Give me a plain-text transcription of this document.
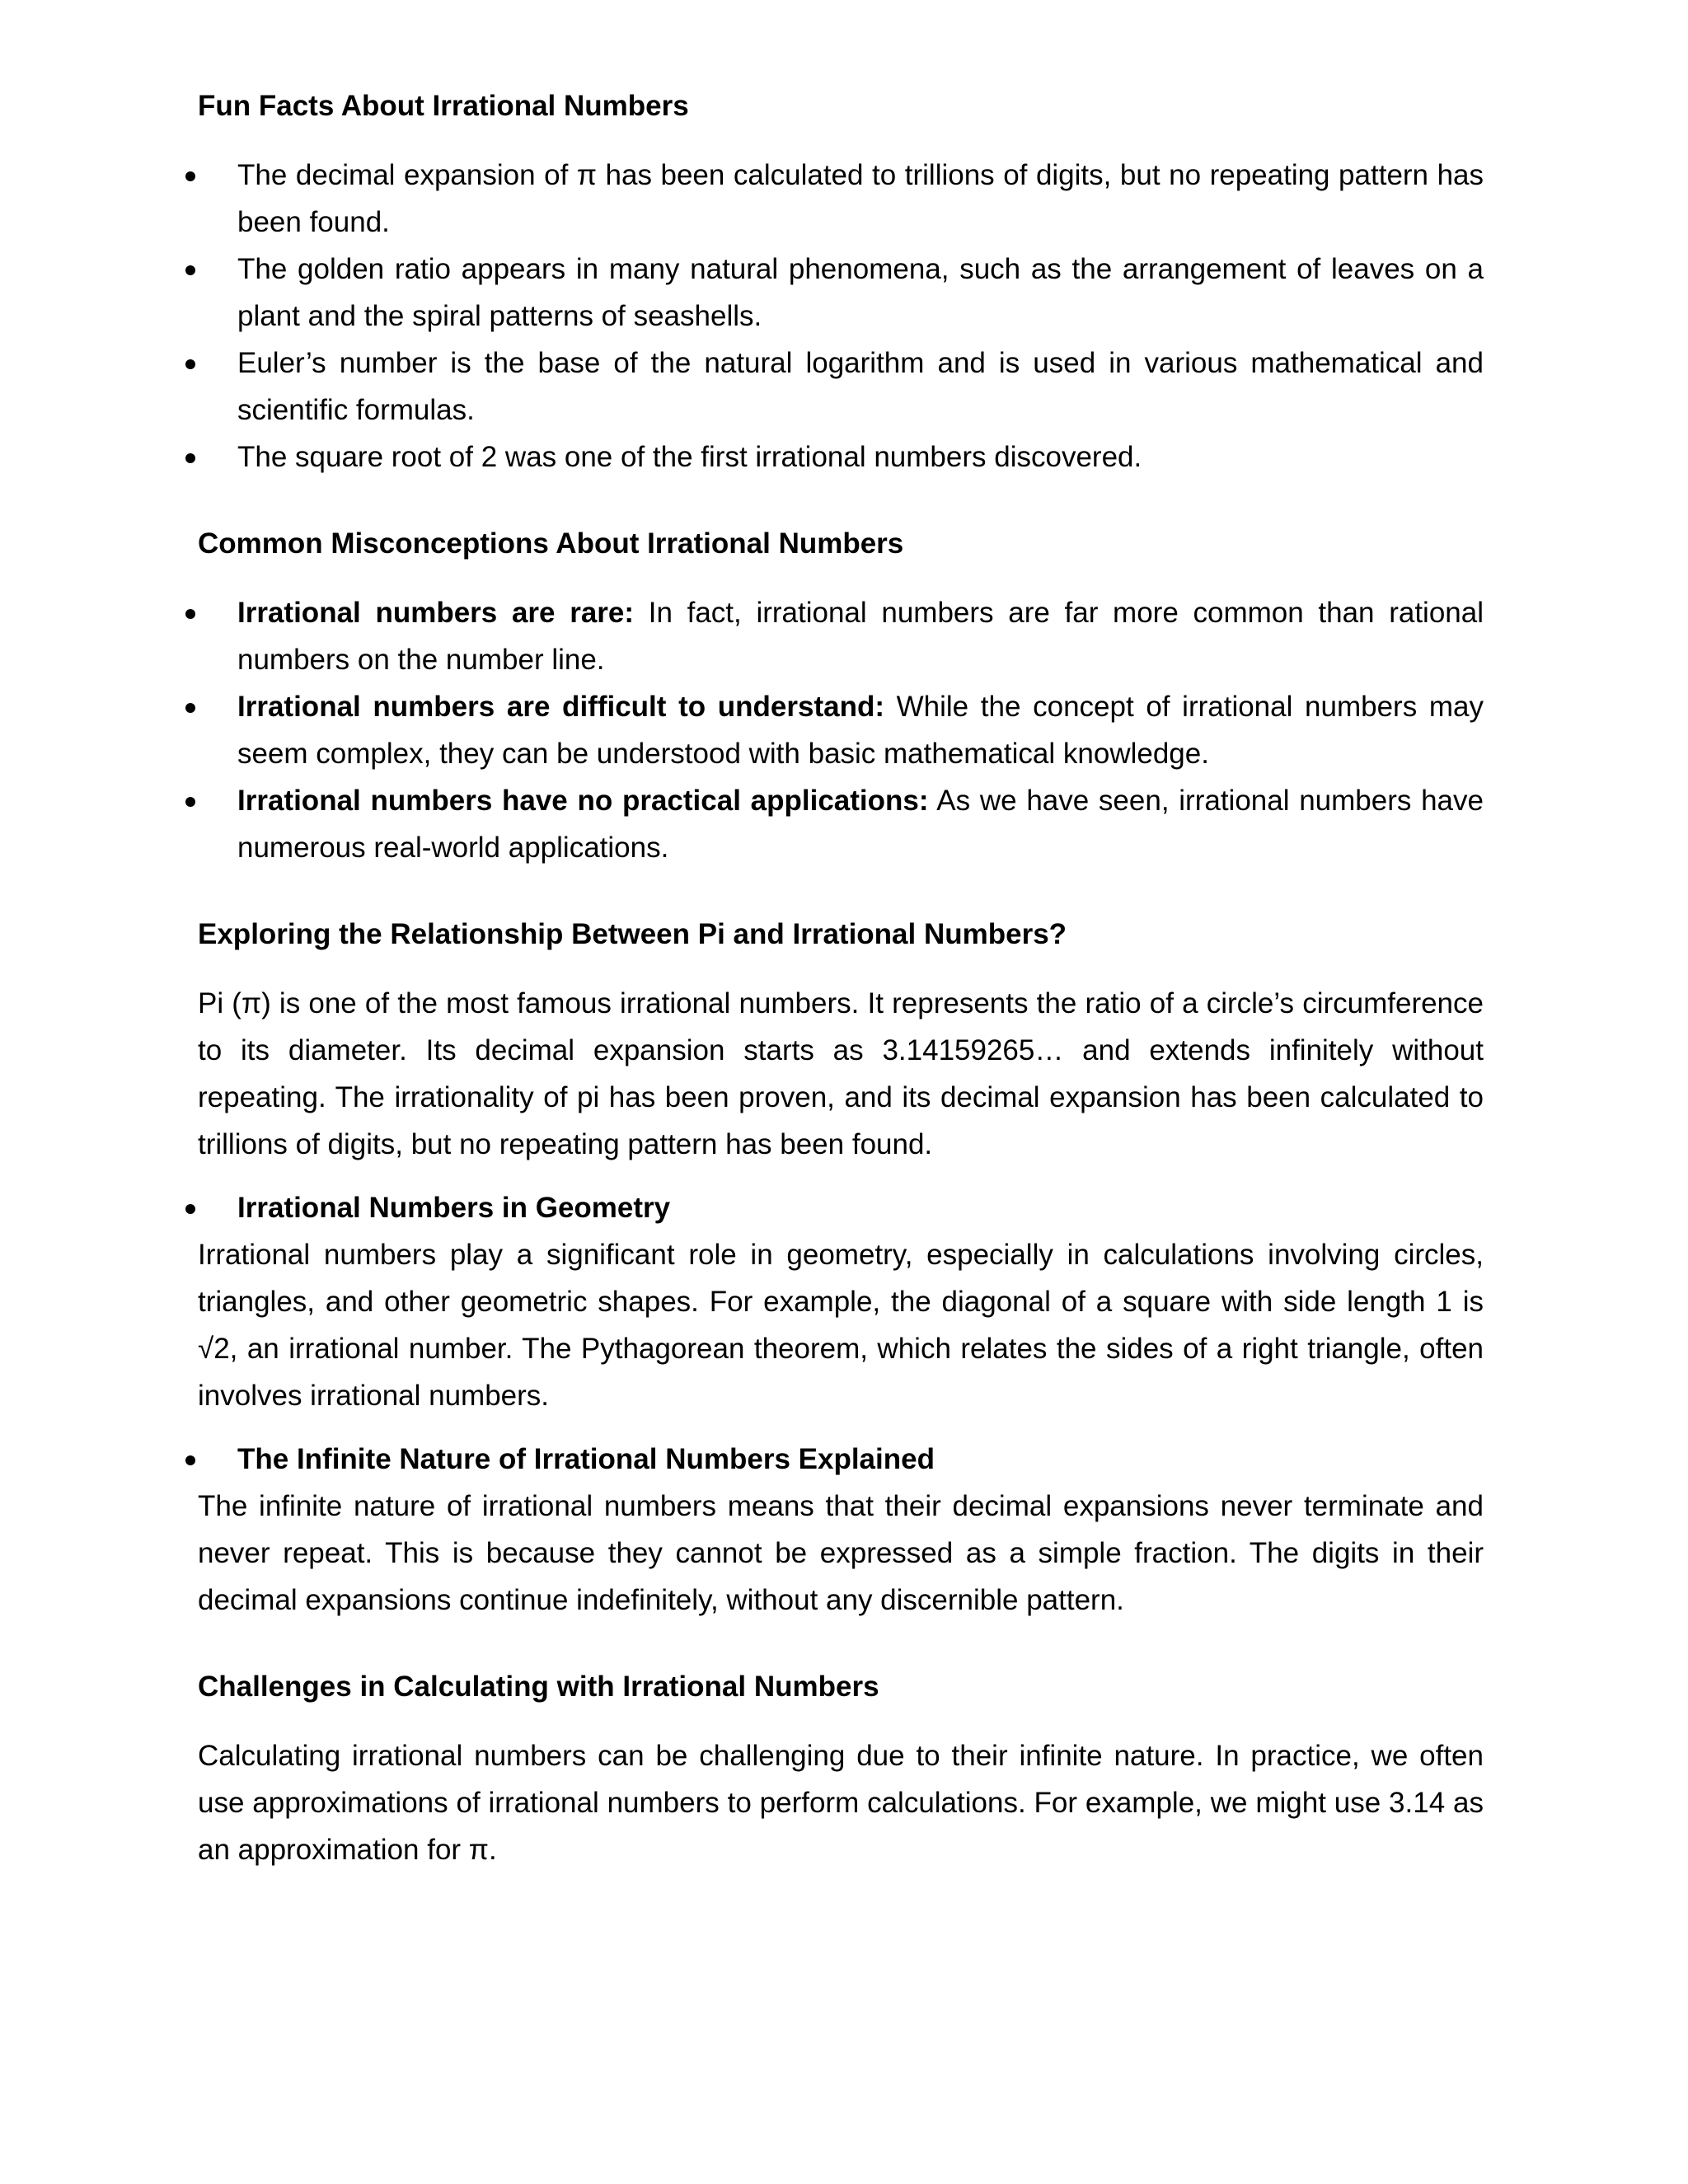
Fun Facts About Irrational Numbers
The decimal expansion of π has been calculated to trillions of digits, but no repeating pattern has been found.
The golden ratio appears in many natural phenomena, such as the arrangement of leaves on a plant and the spiral patterns of seashells.
Euler’s number is the base of the natural logarithm and is used in various mathematical and scientific formulas.
The square root of 2 was one of the first irrational numbers discovered.
Common Misconceptions About Irrational Numbers
Irrational numbers are rare: In fact, irrational numbers are far more common than rational numbers on the number line.
Irrational numbers are difficult to understand: While the concept of irrational numbers may seem complex, they can be understood with basic mathematical knowledge.
Irrational numbers have no practical applications: As we have seen, irrational numbers have numerous real-world applications.
Exploring the Relationship Between Pi and Irrational Numbers?

Pi (π) is one of the most famous irrational numbers. It represents the ratio of a circle’s circumference to its diameter. Its decimal expansion starts as 3.14159265… and extends infinitely without repeating. The irrationality of pi has been proven, and its decimal expansion has been calculated to trillions of digits, but no repeating pattern has been found.

Irrational Numbers in Geometry

Irrational numbers play a significant role in geometry, especially in calculations involving circles, triangles, and other geometric shapes. For example, the diagonal of a square with side length 1 is √2, an irrational number. The Pythagorean theorem, which relates the sides of a right triangle, often involves irrational numbers.

The Infinite Nature of Irrational Numbers Explained

The infinite nature of irrational numbers means that their decimal expansions never terminate and never repeat. This is because they cannot be expressed as a simple fraction. The digits in their decimal expansions continue indefinitely, without any discernible pattern.

Challenges in Calculating with Irrational Numbers

Calculating irrational numbers can be challenging due to their infinite nature. In practice, we often use approximations of irrational numbers to perform calculations. For example, we might use 3.14 as an approximation for π.
